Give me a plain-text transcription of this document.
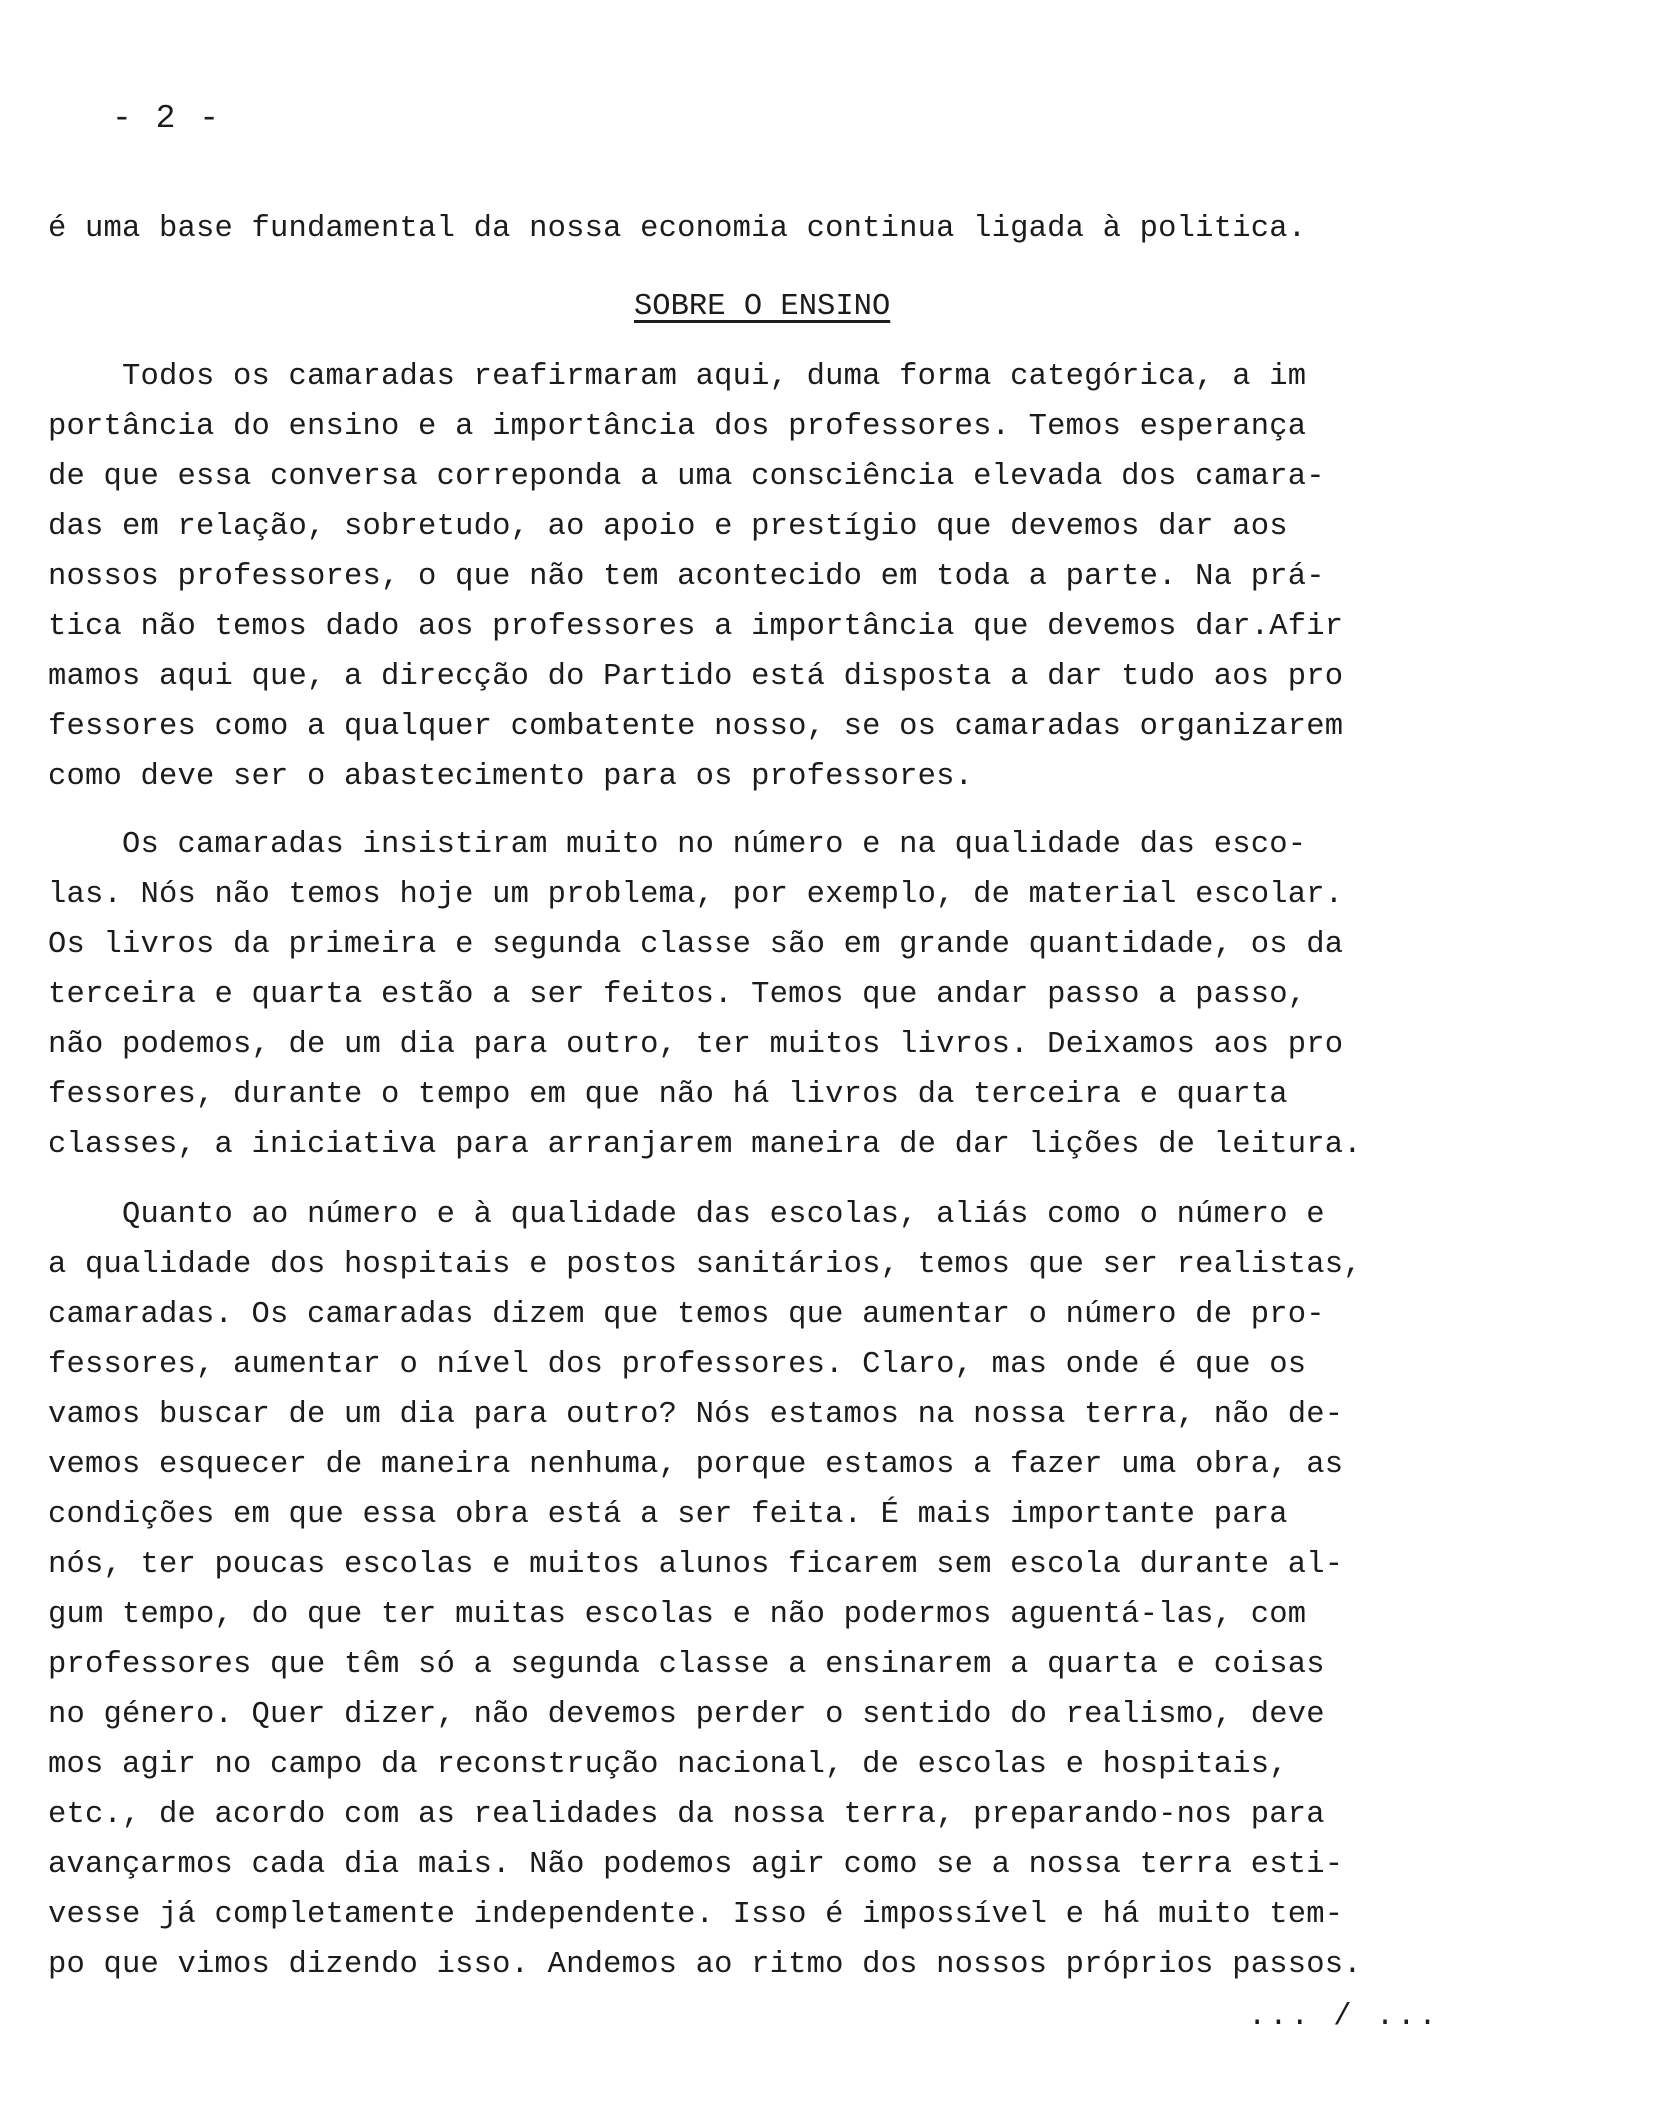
- 2 -
é uma base fundamental da nossa economia continua ligada à politica.
SOBRE O ENSINO
Todos os camaradas reafirmaram aqui, duma forma categórica, a im
portância do ensino e a importância dos professores. Temos esperança
de que essa conversa correponda a uma consciência elevada dos camara-
das em relação, sobretudo, ao apoio e prestígio que devemos dar aos
nossos professores, o que não tem acontecido em toda a parte. Na prá-
tica não temos dado aos professores a importância que devemos dar.Afir
mamos aqui que, a direcção do Partido está disposta a dar tudo aos pro
fessores como a qualquer combatente nosso, se os camaradas organizarem
como deve ser o abastecimento para os professores.
Os camaradas insistiram muito no número e na qualidade das esco-
las. Nós não temos hoje um problema, por exemplo, de material escolar.
Os livros da primeira e segunda classe são em grande quantidade, os da
terceira e quarta estão a ser feitos. Temos que andar passo a passo,
não podemos, de um dia para outro, ter muitos livros. Deixamos aos pro
fessores, durante o tempo em que não há livros da terceira e quarta
classes, a iniciativa para arranjarem maneira de dar lições de leitura.
Quanto ao número e à qualidade das escolas, aliás como o número e
a qualidade dos hospitais e postos sanitários, temos que ser realistas,
camaradas. Os camaradas dizem que temos que aumentar o número de pro-
fessores, aumentar o nível dos professores. Claro, mas onde é que os
vamos buscar de um dia para outro? Nós estamos na nossa terra, não de-
vemos esquecer de maneira nenhuma, porque estamos a fazer uma obra, as
condições em que essa obra está a ser feita. É mais importante para
nós, ter poucas escolas e muitos alunos ficarem sem escola durante al-
gum tempo, do que ter muitas escolas e não podermos aguentá-las, com
professores que têm só a segunda classe a ensinarem a quarta e coisas
no género. Quer dizer, não devemos perder o sentido do realismo, deve
mos agir no campo da reconstrução nacional, de escolas e hospitais,
etc., de acordo com as realidades da nossa terra, preparando-nos para
avançarmos cada dia mais. Não podemos agir como se a nossa terra esti-
vesse já completamente independente. Isso é impossível e há muito tem-
po que vimos dizendo isso. Andemos ao ritmo dos nossos próprios passos.
... / ...
